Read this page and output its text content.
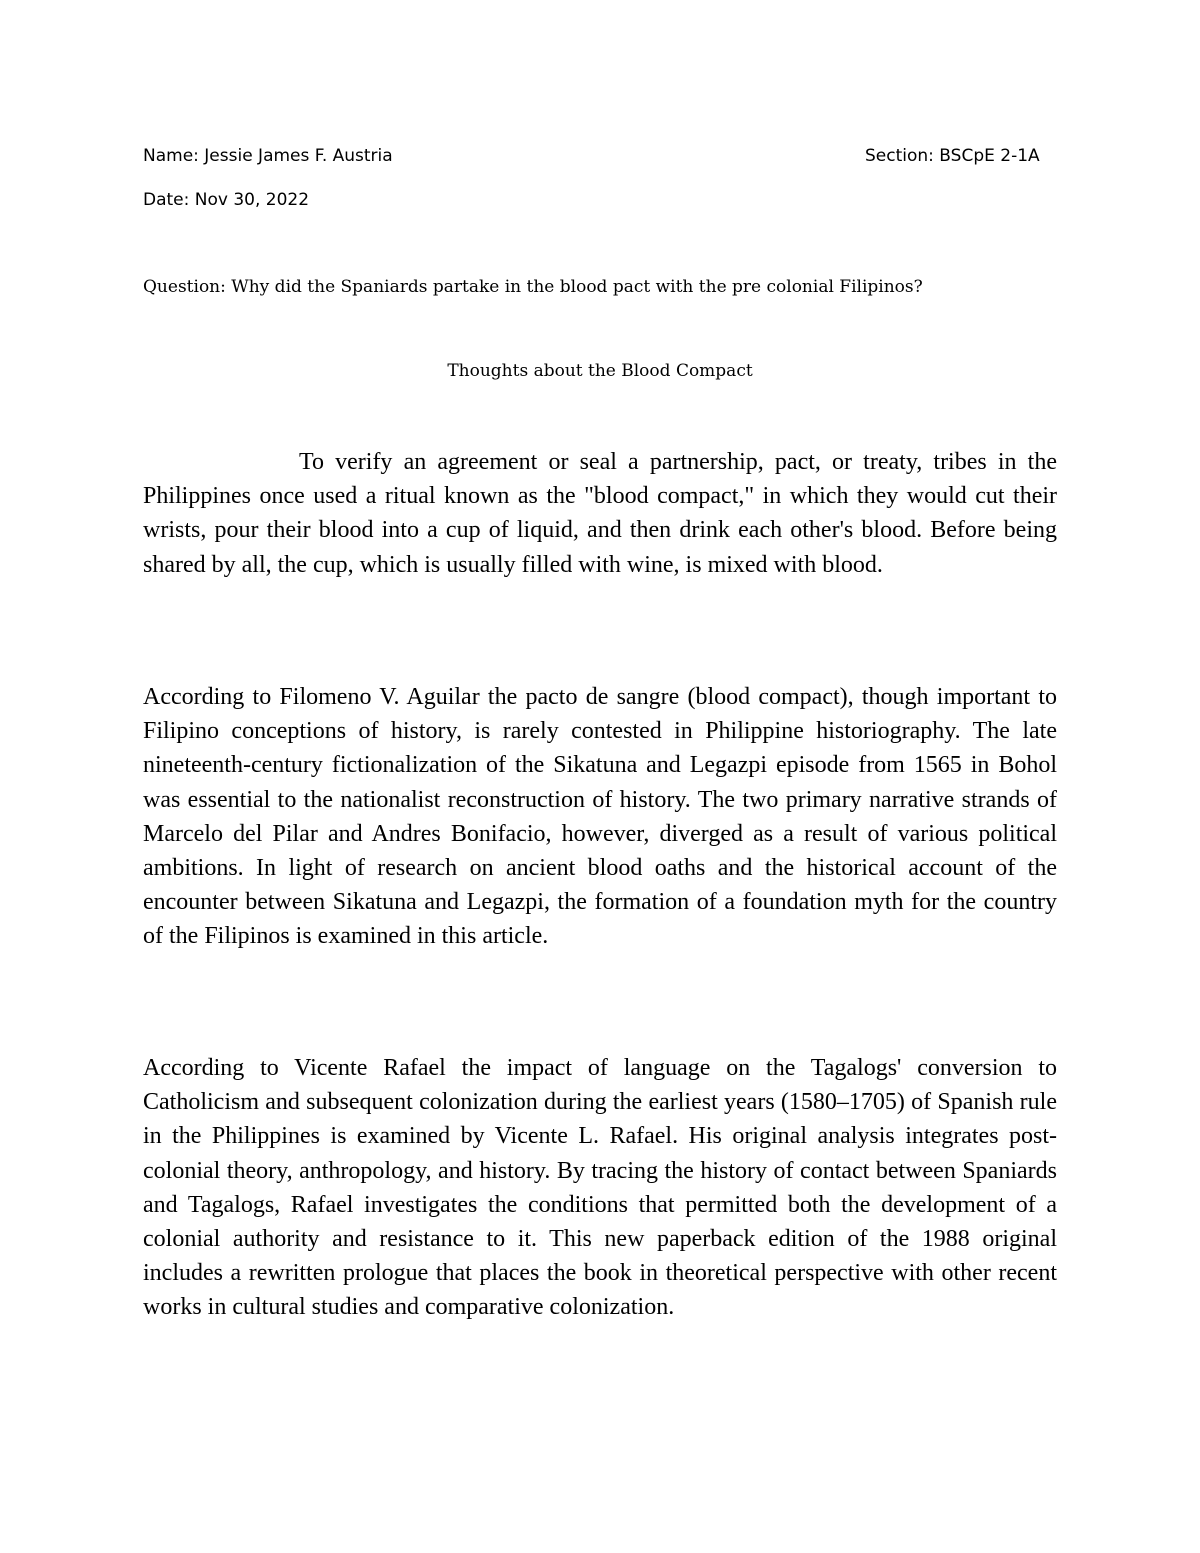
Name: Jessie James F. Austria	Section: BSCpE 2-1A
Date: Nov 30, 2022
Question: Why did the Spaniards partake in the blood pact with the pre colonial Filipinos?
Thoughts about the Blood Compact

To verify an agreement or seal a partnership, pact, or treaty, tribes in the Philippines once used a ritual known as the "blood compact," in which they would cut their wrists, pour their blood into a cup of liquid, and then drink each other's blood. Before being shared by all, the cup, which is usually filled with wine, is mixed with blood.

According to Filomeno V. Aguilar the pacto de sangre (blood compact), though important to Filipino conceptions of history, is rarely contested in Philippine historiography. The late nineteenth-century fictionalization of the Sikatuna and Legazpi episode from 1565 in Bohol was essential to the nationalist reconstruction of history. The two primary narrative strands of Marcelo del Pilar and Andres Bonifacio, however, diverged as a result of various political ambitions. In light of research on ancient blood oaths and the historical account of the encounter between Sikatuna and Legazpi, the formation of a foundation myth for the country of the Filipinos is examined in this article.

According to Vicente Rafael the impact of language on the Tagalogs' conversion to Catholicism and subsequent colonization during the earliest years (1580–1705) of Spanish rule in the Philippines is examined by Vicente L. Rafael. His original analysis integrates post-colonial theory, anthropology, and history. By tracing the history of contact between Spaniards and Tagalogs, Rafael investigates the conditions that permitted both the development of a colonial authority and resistance to it. This new paperback edition of the 1988 original includes a rewritten prologue that places the book in theoretical perspective with other recent works in cultural studies and comparative colonization.
